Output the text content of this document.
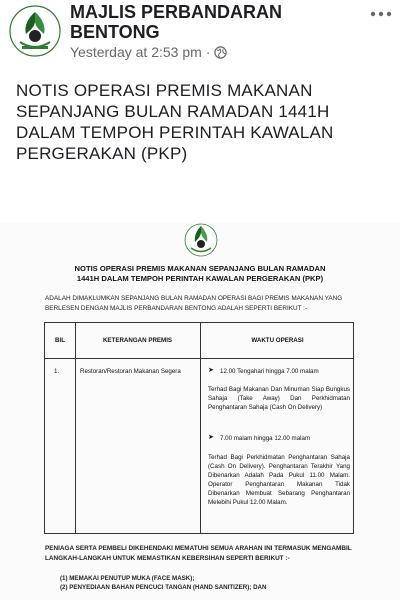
MAJLIS PERBANDARAN BENTONG
Yesterday at 2:53 pm ·
NOTIS OPERASI PREMIS MAKANAN SEPANJANG BULAN RAMADAN 1441H DALAM TEMPOH PERINTAH KAWALAN PERGERAKAN (PKP)
NOTIS OPERASI PREMIS MAKANAN SEPANJANG BULAN RAMADAN
1441H DALAM TEMPOH PERINTAH KAWALAN PERGERAKAN (PKP)
ADALAH DIMAKLUMKAN SEPANJANG BULAN RAMADAN OPERASI BAGI PREMIS MAKANAN YANG
BERLESEN DENGAN MAJLIS PERBANDARAN BENTONG ADALAH SEPERTI BERIKUT :-
BIL	KETERANGAN PREMIS	WAKTU OPERASI
1.	Restoran/Restoran Makanan Segera	➤ 12.00 Tengahari hingga 7.00 malam
Terhad Bagi Makanan Dan Minuman Siap Bungkus Sahaja (Take Away) Dan Perkhidmatan Penghantaran Sahaja (Cash On Delivery)
➤ 7.00 malam hingga 12.00 malam
Terhad Bagi Perkhidmatan Penghantaran Sahaja (Cash On Delivery). Penghantaran Terakhir Yang Dibenarkan Adalah Pada Pukul 11.00 Malam. Operator Penghantaran Makanan Tidak Dibenarkan Membuat Sebarang Penghantaran Melebihi Pukul 12.00 Malam.
PENIAGA SERTA PEMBELI DIKEHENDAKI MEMATUHI SEMUA ARAHAN INI TERMASUK MENGAMBIL
LANGKAH-LANGKAH UNTUK MEMASTIKAN KEBERSIHAN SEPERTI BERIKUT :-
(1) MEMAKAI PENUTUP MUKA (FACE MASK);
(2) PENYEDIAAN BAHAN PENCUCI TANGAN (HAND SANITIZER); DAN
